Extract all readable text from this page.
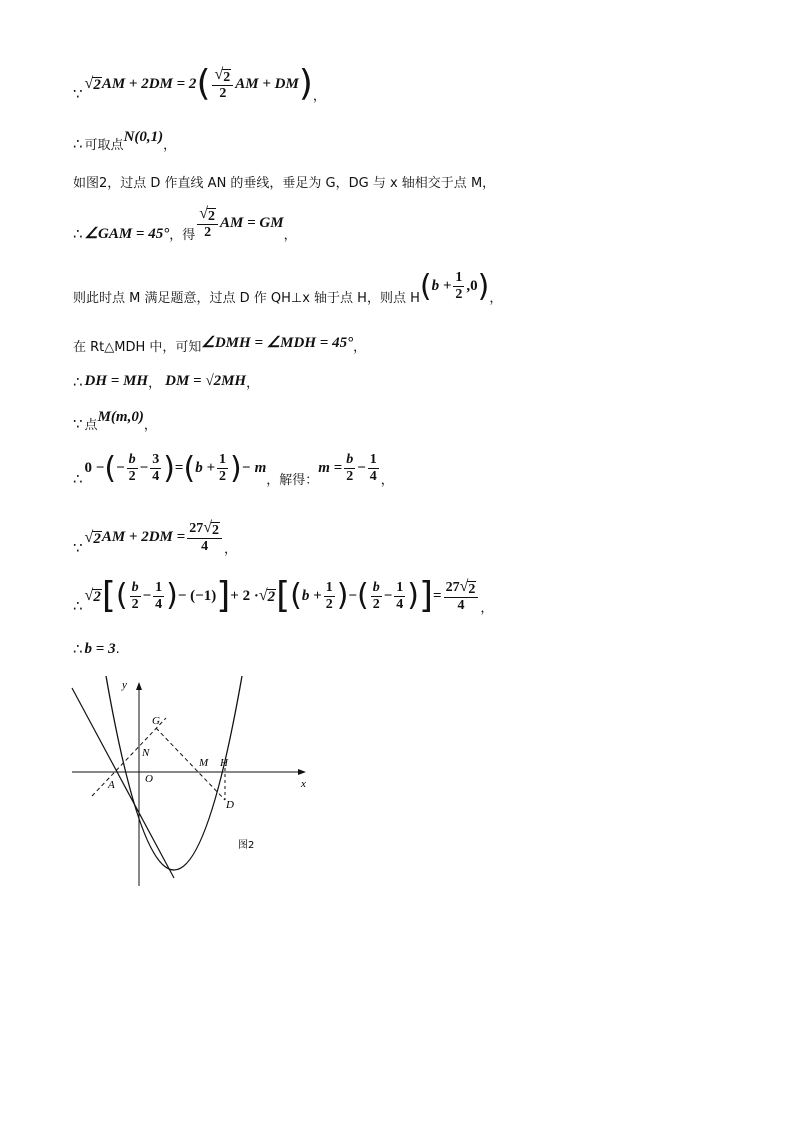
∵
√ 2 AM + 2DM = 2 ( $\frac{√ 2}{2}$ AM + DM ) ，
∴ 可取点
N(0,1)
，
如图2，过点 D 作直线 AN 的垂线，垂足为 G，DG 与 x 轴相交于点 M，
∴ ∠GAM = 45° ，得 $\frac{√ 2}{2}$ AM = GM
，
则此时点 M 满足题意，过点 D 作 QH⊥x 轴于点 H，则点 H ( $b + \frac{1}{2} ,0$ ) ，
在 Rt△MDH 中，可知 ∠DMH = ∠MDH = 45° ，
∴ DH = MH ， DM = √2MH ，
∵ 点
M(m,0)
，
∴
0 − ( − $\frac{b}{2} - \frac{3}{4}$ ) = ( $b + \frac{1}{2}$ ) − m
，解得：
$m = \frac{b}{2} - \frac{1}{4}$ ，
∵
√ 2 AM + $2DM = \frac{27 √ 2}{4}$ ，
∴
√ 2 [ ( $\frac{b}{2} - \frac{1}{4}$ ) − (−1) ] + 2 · √ 2 [ ( $b + \frac{1}{2}$ ) − ( $\frac{b}{2} - \frac{1}{4}$ ) ] = $\frac{27 √ 2}{4}$ ，
∴ b = 3 .
y
x
G
N
M H
A	O
D
图2
